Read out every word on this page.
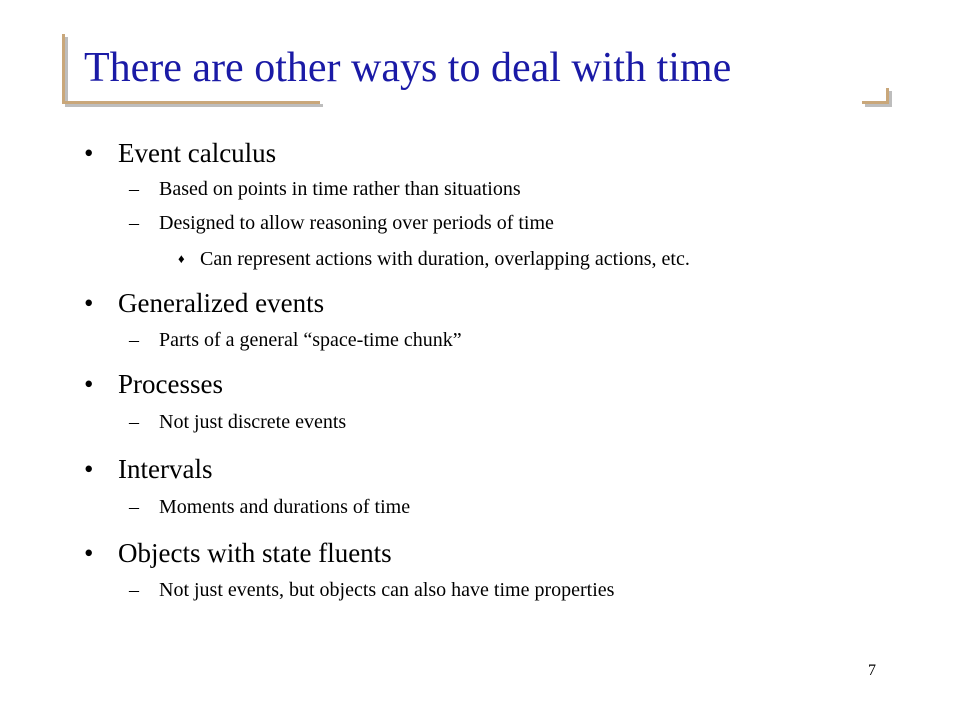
There are other ways to deal with time
• Event calculus
–	Based on points in time rather than situations
–	Designed to allow reasoning over periods of time
♦ Can represent actions with duration, overlapping actions, etc.
• Generalized events
–	Parts of a general “space-time chunk”
• Processes
–	Not just discrete events
• Intervals
–	Moments and durations of time
• Objects with state fluents
–	Not just events, but objects can also have time properties
7
